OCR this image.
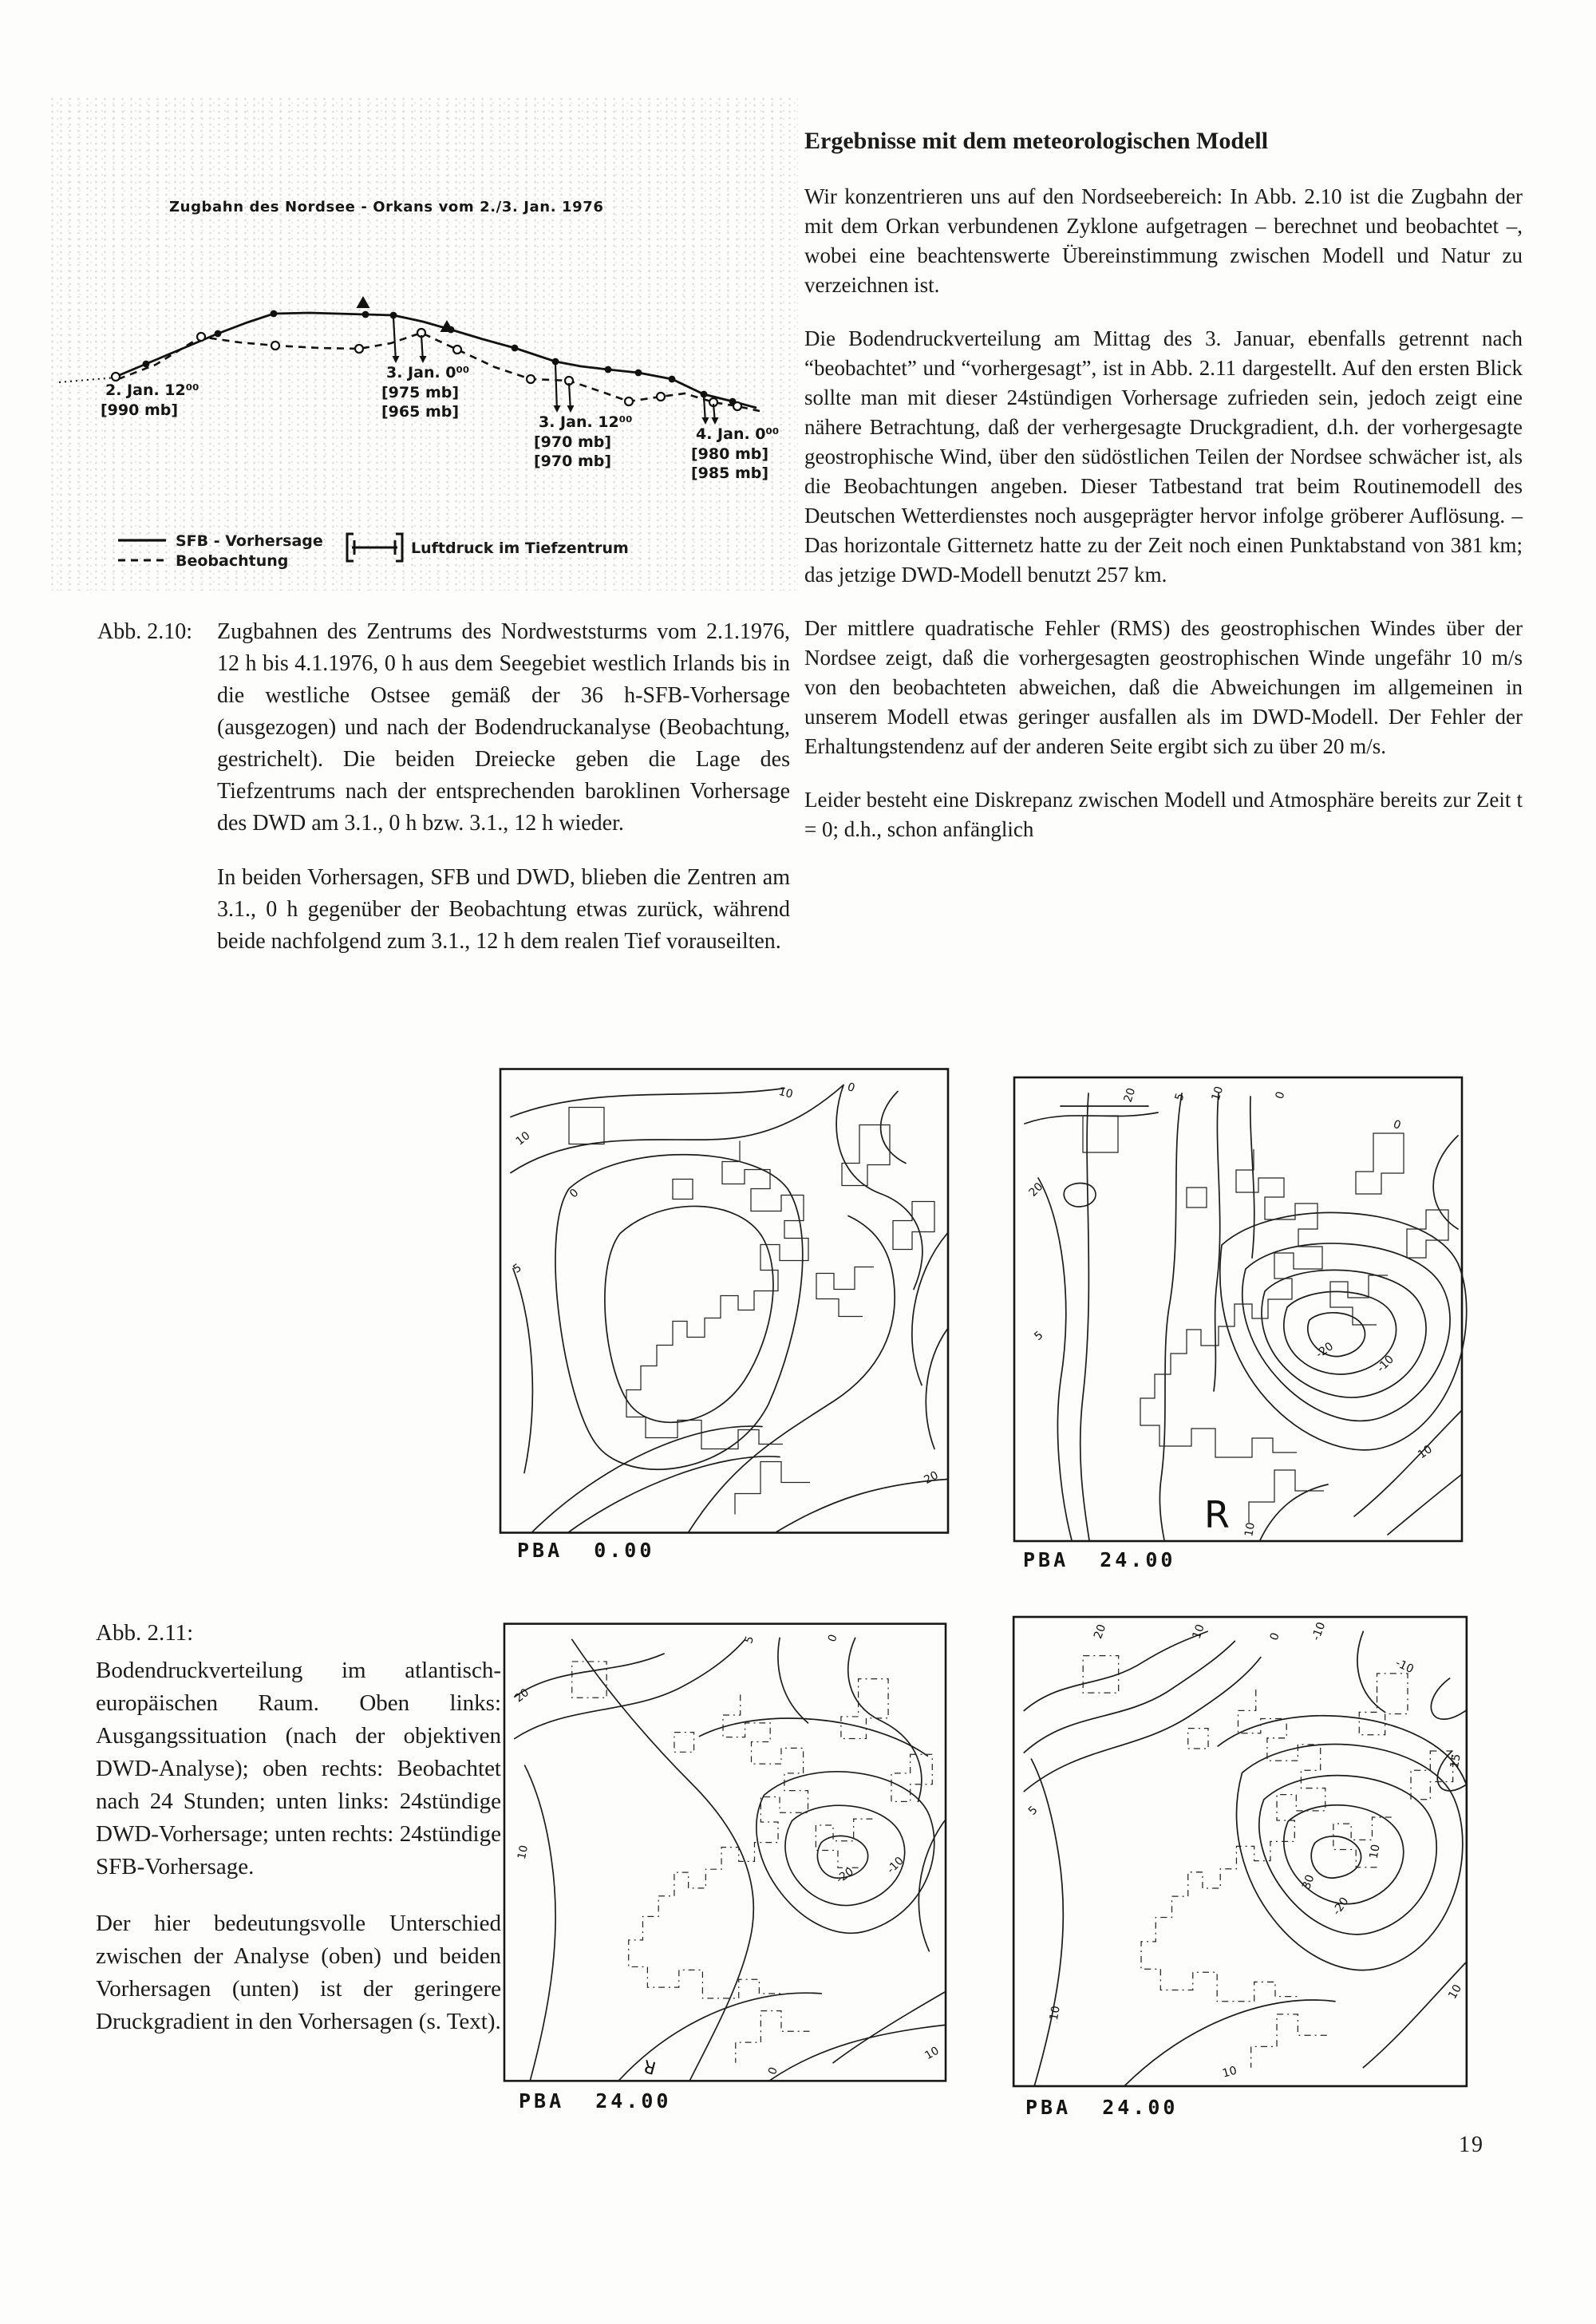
Zugbahn des Nordsee - Orkans vom 2./3. Jan. 1976
SFB - Vorhersage
Beobachtung
Luftdruck im Tiefzentrum
2. Jan. 12⁰⁰
[990 mb]
3. Jan. 0⁰⁰
[975 mb]
[965 mb]
3. Jan. 12⁰⁰
[970 mb]
[970 mb]
4. Jan. 0⁰⁰
[980 mb]
[985 mb]
Ergebnisse mit dem meteorologischen Modell

Wir konzentrieren uns auf den Nordseebereich: In Abb. 2.10 ist die Zugbahn der mit dem Orkan verbundenen Zyklone aufgetragen – berechnet und beobachtet –, wobei eine beachtenswerte Übereinstimmung zwischen Modell und Natur zu verzeichnen ist.

Die Bodendruckverteilung am Mittag des 3. Januar, ebenfalls getrennt nach “beobachtet” und “vorhergesagt”, ist in Abb. 2.11 dargestellt. Auf den ersten Blick sollte man mit dieser 24stündigen Vorhersage zufrieden sein, jedoch zeigt eine nähere Betrachtung, daß der verhergesagte Druckgradient, d.h. der vorhergesagte geostrophische Wind, über den südöstlichen Teilen der Nordsee schwächer ist, als die Beobachtungen angeben. Dieser Tatbestand trat beim Routinemodell des Deutschen Wetterdienstes noch ausgeprägter hervor infolge gröberer Auflösung. – Das horizontale Gitternetz hatte zu der Zeit noch einen Punktabstand von 381 km; das jetzige DWD-Modell benutzt 257 km.

Der mittlere quadratische Fehler (RMS) des geostrophischen Windes über der Nordsee zeigt, daß die vorhergesagten geostrophischen Winde ungefähr 10 m/s von den beobachteten abweichen, daß die Abweichungen im allgemeinen in unserem Modell etwas geringer ausfallen als im DWD-Modell. Der Fehler der Erhaltungstendenz auf der anderen Seite ergibt sich zu über 20 m/s.

Leider besteht eine Diskrepanz zwischen Modell und Atmosphäre bereits zur Zeit t = 0; d.h., schon anfänglich

Abb. 2.10: Zugbahnen des Zentrums des Nordweststurms vom 2.1.1976, 12 h bis 4.1.1976, 0 h aus dem Seegebiet westlich Irlands bis in die westliche Ostsee gemäß der 36 h-SFB-Vorhersage (ausgezogen) und nach der Bodendruckanalyse (Beobachtung, gestrichelt). Die beiden Dreiecke geben die Lage des Tiefzentrums nach der entsprechenden baroklinen Vorhersage des DWD am 3.1., 0 h bzw. 3.1., 12 h wieder.

In beiden Vorhersagen, SFB und DWD, blieben die Zentren am 3.1., 0 h gegenüber der Beobachtung etwas zurück, während beide nachfolgend zum 3.1., 12 h dem realen Tief vorauseilten.

10
10
0
5
0
20
PBA 0.00
20	5 10	0
0
20
5
-20
-10
10
R 10
PBA 24.00
20
5	0
10
-20	-10
10
0
R
PBA 24.00
20	10	0 -10
-10
15
30
-20
10
5
10
10
10
PBA 24.00
Abb. 2.11:

Bodendruckverteilung im atlantisch-europäischen Raum. Oben links: Ausgangssituation (nach der objektiven DWD-Analyse); oben rechts: Beobachtet nach 24 Stunden; unten links: 24stündige DWD-Vorhersage; unten rechts: 24stündige SFB-Vorhersage.

Der hier bedeutungsvolle Unterschied zwischen der Analyse (oben) und beiden Vorhersagen (unten) ist der geringere Druckgradient in den Vorhersagen (s. Text).

19
